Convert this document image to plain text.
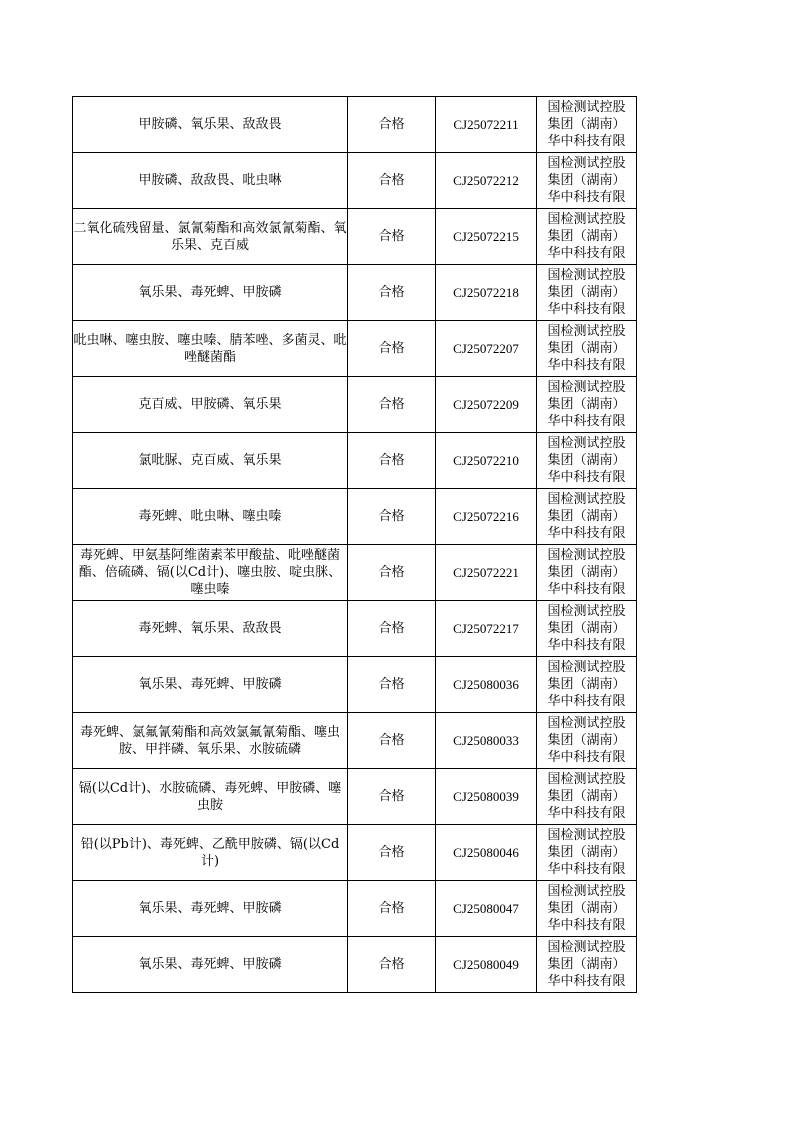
甲胺磷、氧乐果、敌敌畏	合格	CJ25072211	国检测试控股
集团（湖南）
华中科技有限

甲胺磷、敌敌畏、吡虫啉	合格	CJ25072212	国检测试控股
集团（湖南）
华中科技有限

二氧化硫残留量、氯氰菊酯和高效氯氰菊酯、氧乐果、克百威	合格	CJ25072215	国检测试控股
集团（湖南）
华中科技有限

氧乐果、毒死蜱、甲胺磷	合格	CJ25072218	国检测试控股
集团（湖南）
华中科技有限

吡虫啉、噻虫胺、噻虫嗪、腈苯唑、多菌灵、吡唑醚菌酯	合格	CJ25072207	国检测试控股
集团（湖南）
华中科技有限

克百威、甲胺磷、氧乐果	合格	CJ25072209	国检测试控股
集团（湖南）
华中科技有限

氯吡脲、克百威、氧乐果	合格	CJ25072210	国检测试控股
集团（湖南）
华中科技有限

毒死蜱、吡虫啉、噻虫嗪	合格	CJ25072216	国检测试控股
集团（湖南）
华中科技有限

毒死蜱、甲氨基阿维菌素苯甲酸盐、吡唑醚菌酯、倍硫磷、镉(以Cd计)、噻虫胺、啶虫脒、噻虫嗪	合格	CJ25072221	国检测试控股
集团（湖南）
华中科技有限

毒死蜱、氧乐果、敌敌畏	合格	CJ25072217	国检测试控股
集团（湖南）
华中科技有限

氧乐果、毒死蜱、甲胺磷	合格	CJ25080036	国检测试控股
集团（湖南）
华中科技有限

毒死蜱、氯氟氰菊酯和高效氯氟氰菊酯、噻虫胺、甲拌磷、氧乐果、水胺硫磷	合格	CJ25080033	国检测试控股
集团（湖南）
华中科技有限

镉(以Cd计)、水胺硫磷、毒死蜱、甲胺磷、噻虫胺	合格	CJ25080039	国检测试控股
集团（湖南）
华中科技有限

铅(以Pb计)、毒死蜱、乙酰甲胺磷、镉(以Cd计)	合格	CJ25080046	国检测试控股
集团（湖南）
华中科技有限

氧乐果、毒死蜱、甲胺磷	合格	CJ25080047	国检测试控股
集团（湖南）
华中科技有限

氧乐果、毒死蜱、甲胺磷	合格	CJ25080049	国检测试控股
集团（湖南）
华中科技有限
